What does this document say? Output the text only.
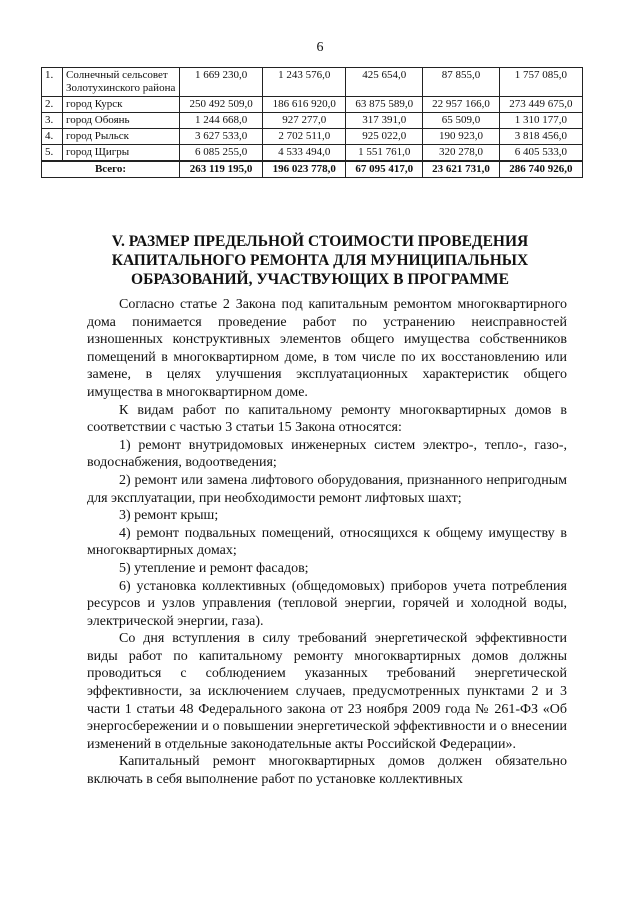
6
1.	Солнечный сельсовет Золотухинского района	1 669 230,0	1 243 576,0	425 654,0	87 855,0	1 757 085,0
2.	город Курск	250 492 509,0	186 616 920,0	63 875 589,0	22 957 166,0	273 449 675,0
3.	город Обоянь	1 244 668,0	927 277,0	317 391,0	65 509,0	1 310 177,0
4.	город Рыльск	3 627 533,0	2 702 511,0	925 022,0	190 923,0	3 818 456,0
5.	город Щигры	6 085 255,0	4 533 494,0	1 551 761,0	320 278,0	6 405 533,0
Всего:		263 119 195,0	196 023 778,0	67 095 417,0	23 621 731,0	286 740 926,0
V. РАЗМЕР ПРЕДЕЛЬНОЙ СТОИМОСТИ ПРОВЕДЕНИЯ КАПИТАЛЬНОГО РЕМОНТА ДЛЯ МУНИЦИПАЛЬНЫХ ОБРАЗОВАНИЙ, УЧАСТВУЮЩИХ В ПРОГРАММЕ

Согласно статье 2 Закона под капитальным ремонтом многоквартирного дома понимается проведение работ по устранению неисправностей изношенных конструктивных элементов общего имущества собственников помещений в многоквартирном доме, в том числе по их восстановлению или замене, в целях улучшения эксплуатационных характеристик общего имущества в многоквартирном доме.

К видам работ по капитальному ремонту многоквартирных домов в соответствии с частью 3 статьи 15 Закона относятся:

1) ремонт внутридомовых инженерных систем электро-, тепло-, газо-, водоснабжения, водоотведения;

2) ремонт или замена лифтового оборудования, признанного непригодным для эксплуатации, при необходимости ремонт лифтовых шахт;

3) ремонт крыш;

4) ремонт подвальных помещений, относящихся к общему имуществу в многоквартирных домах;

5) утепление и ремонт фасадов;

6) установка коллективных (общедомовых) приборов учета потребления ресурсов и узлов управления (тепловой энергии, горячей и холодной воды, электрической энергии, газа).

Со дня вступления в силу требований энергетической эффективности виды работ по капитальному ремонту многоквартирных домов должны проводиться с соблюдением указанных требований энергетической эффективности, за исключением случаев, предусмотренных пунктами 2 и 3 части 1 статьи 48 Федерального закона от 23 ноября 2009 года № 261-ФЗ «Об энергосбережении и о повышении энергетической эффективности и о внесении изменений в отдельные законодательные акты Российской Федерации».

Капитальный ремонт многоквартирных домов должен обязательно включать в себя выполнение работ по установке коллективных
